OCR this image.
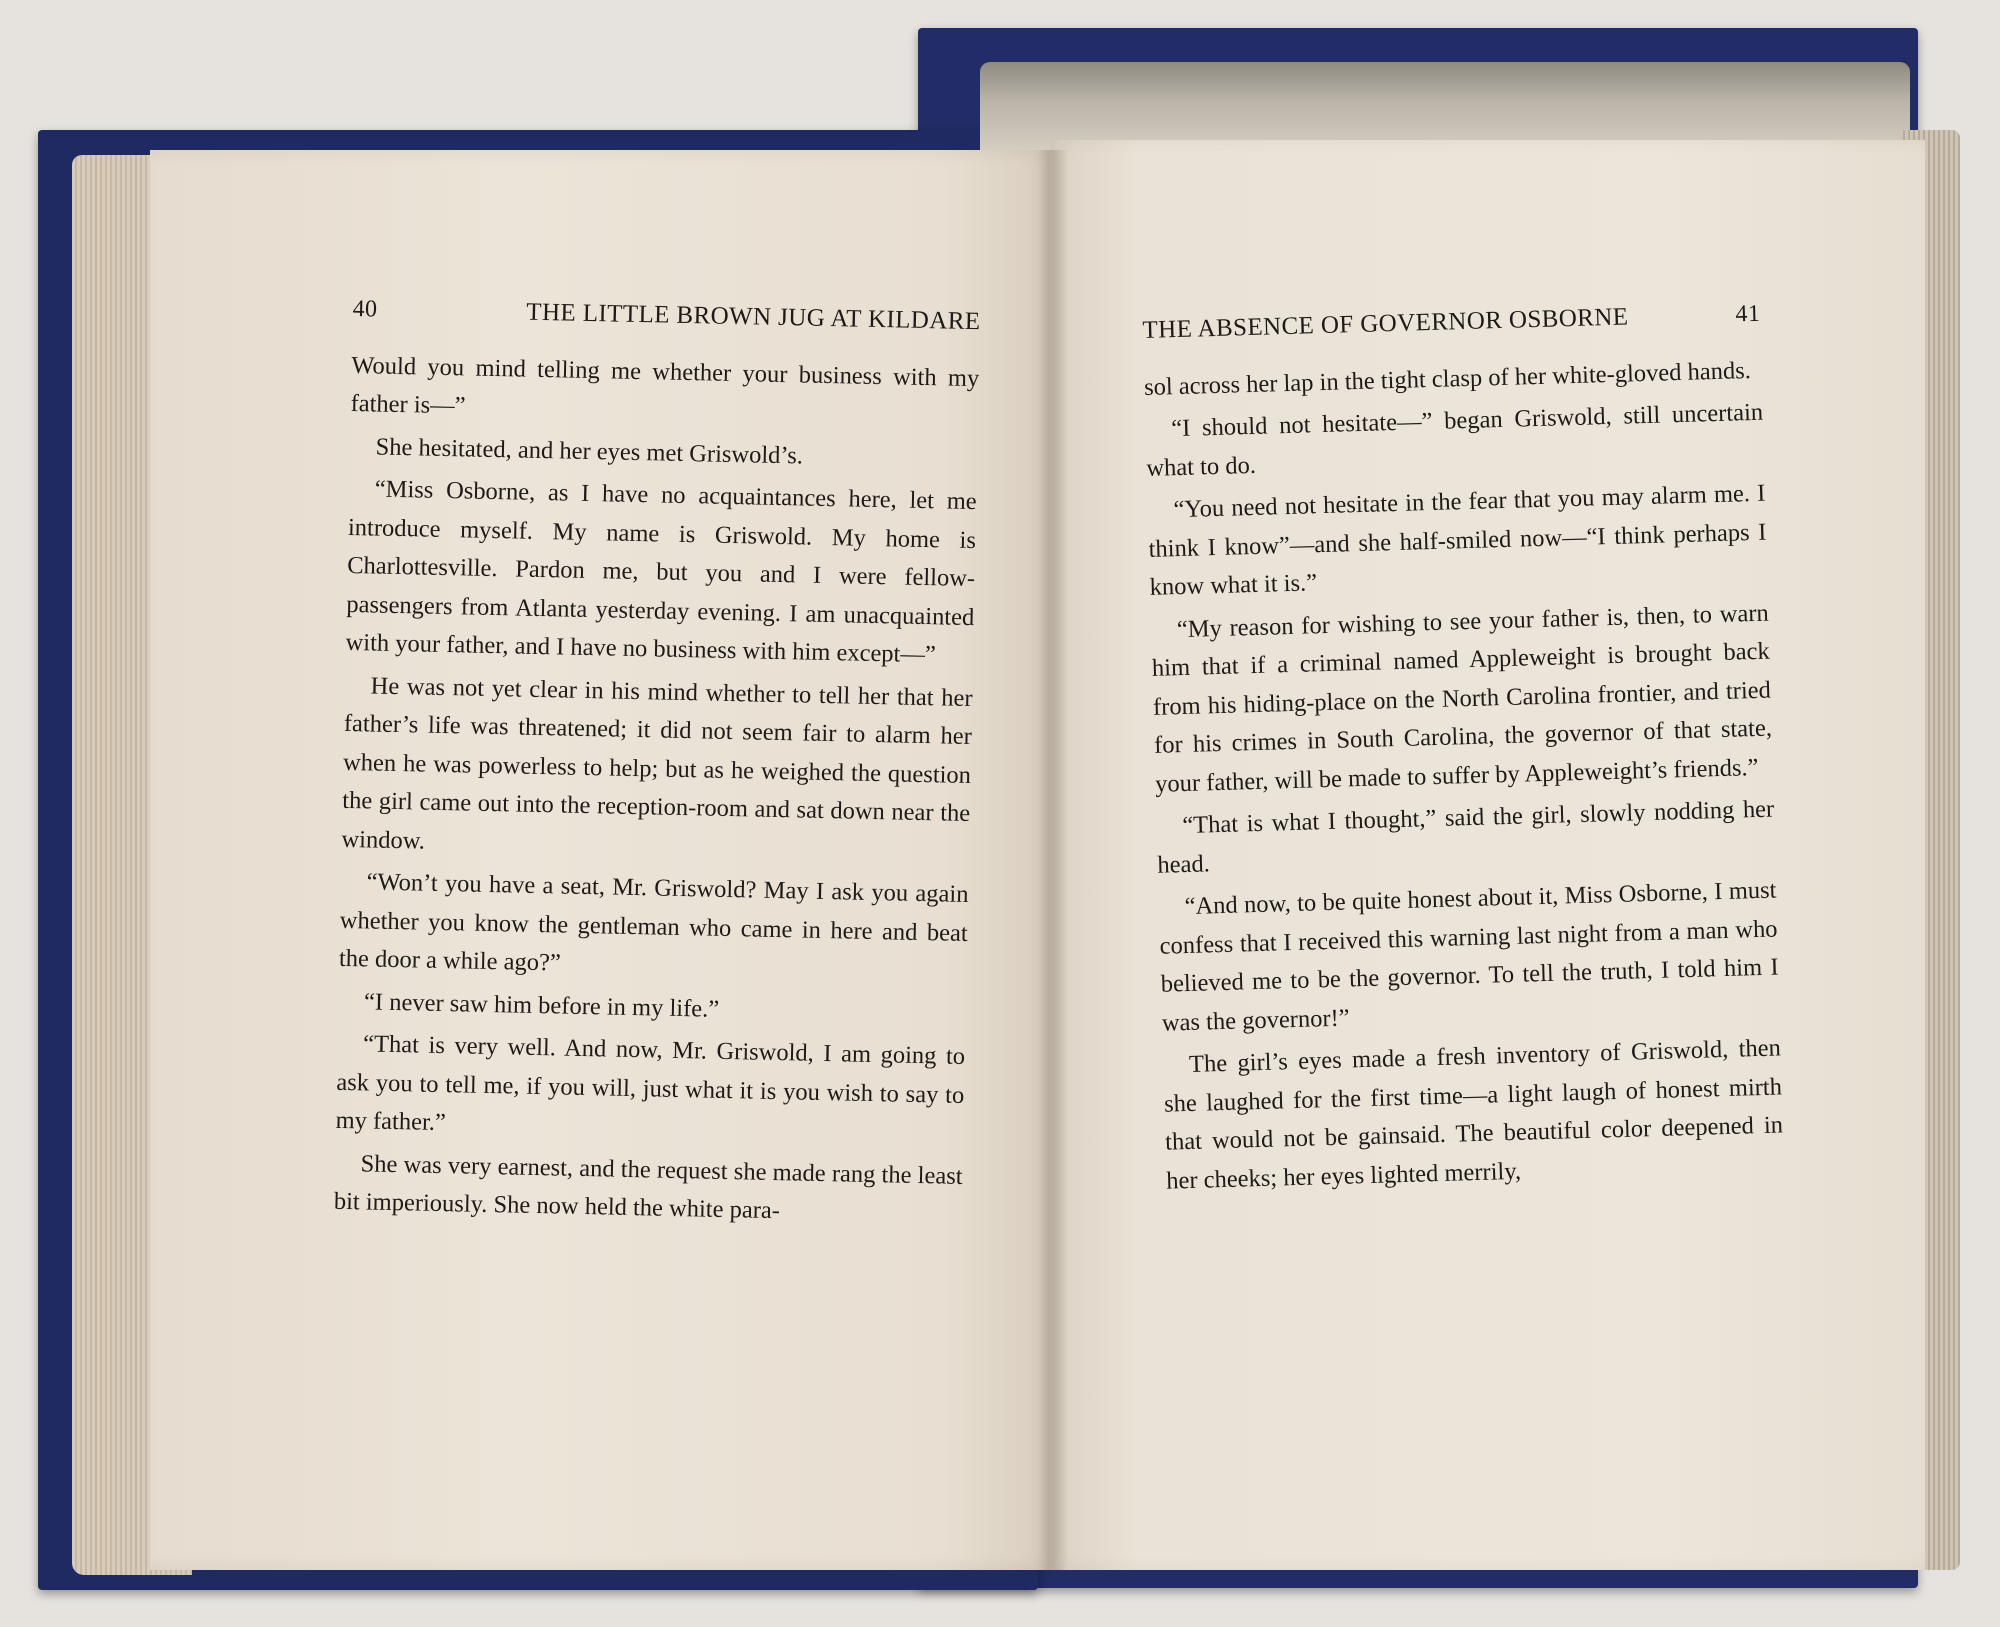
40	THE LITTLE BROWN JUG AT KILDARE

Would you mind telling me whether your business with my father is—”

She hesitated, and her eyes met Griswold’s.

“Miss Osborne, as I have no acquaintances here, let me introduce myself. My name is Griswold. My home is Charlottesville. Pardon me, but you and I were fellow-passengers from Atlanta yesterday evening. I am unacquainted with your father, and I have no business with him except—”

He was not yet clear in his mind whether to tell her that her father’s life was threatened; it did not seem fair to alarm her when he was powerless to help; but as he weighed the question the girl came out into the reception-room and sat down near the window.

“Won’t you have a seat, Mr. Griswold? May I ask you again whether you know the gentleman who came in here and beat the door a while ago?”

“I never saw him before in my life.”

“That is very well. And now, Mr. Griswold, I am going to ask you to tell me, if you will, just what it is you wish to say to my father.”

She was very earnest, and the request she made rang the least bit imperiously. She now held the white para-

THE ABSENCE OF GOVERNOR OSBORNE	41

sol across her lap in the tight clasp of her white-gloved hands.

“I should not hesitate—” began Griswold, still uncertain what to do.

“You need not hesitate in the fear that you may alarm me. I think I know”—and she half-smiled now—“I think perhaps I know what it is.”

“My reason for wishing to see your father is, then, to warn him that if a criminal named Appleweight is brought back from his hiding-place on the North Carolina frontier, and tried for his crimes in South Carolina, the governor of that state, your father, will be made to suffer by Appleweight’s friends.”

“That is what I thought,” said the girl, slowly nodding her head.

“And now, to be quite honest about it, Miss Osborne, I must confess that I received this warning last night from a man who believed me to be the governor. To tell the truth, I told him I was the governor!”

The girl’s eyes made a fresh inventory of Griswold, then she laughed for the first time—a light laugh of honest mirth that would not be gainsaid. The beautiful color deepened in her cheeks; her eyes lighted merrily,
